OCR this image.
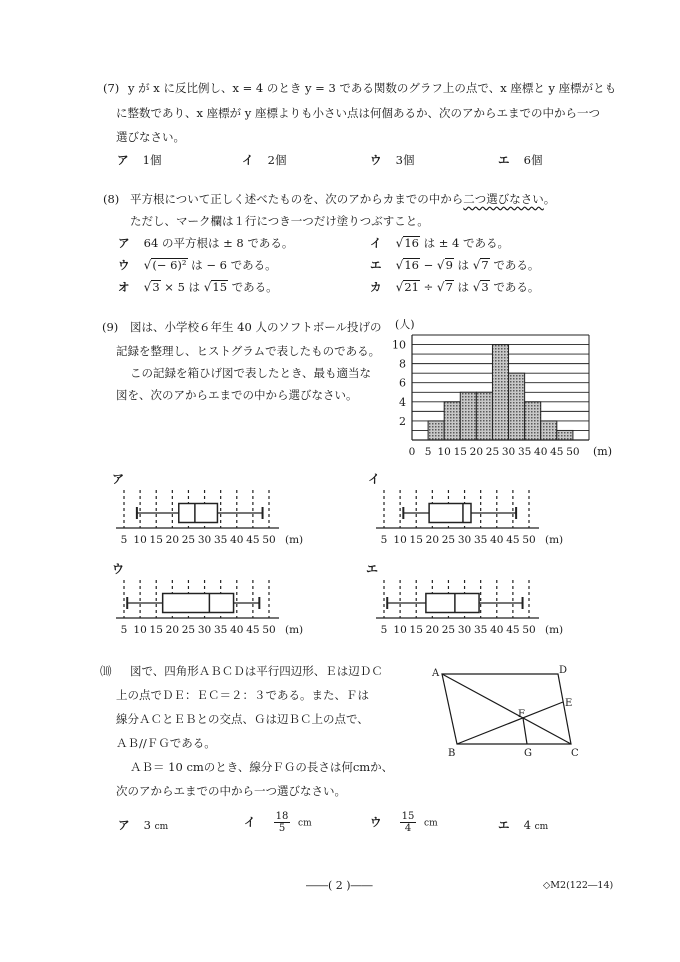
(7) y が x に反比例し、x = 4 のとき y = 3 である関数のグラフ上の点で、x 座標と y 座標がとも
に整数であり、x 座標が y 座標よりも小さい点は何個あるか、次のアからエまでの中から一つ
選びなさい。
ア 1個	イ 2個	ウ 3個	エ 6個
(8) 平方根について正しく述べたものを、次のアからカまでの中から二つ選びなさい。
ただし、マーク欄は１行につき一つだけ塗りつぶすこと。
ア 64 の平方根は ± 8 である。	イ √16 は ± 4 である。
ウ √(− 6)² は − 6 である。	エ √16 − √9 は √7 である。
オ √3 × 5 は √15 である。	カ √21 ÷ √7 は √3 である。
(9) 図は、小学校６年生 40 人のソフトボール投げの
記録を整理し、ヒストグラムで表したものである。
この記録を箱ひげ図で表したとき、最も適当な
図を、次のアからエまでの中から選びなさい。
2
4
6
8
10
0 5 10 15 20 25 30 35 40 45 50
(人)
(m)
ア
5 10 15 20 25 30 35 40 45 50 (m)
イ
5 10 15 20 25 30 35 40 45 50 (m)
ウ
5 10 15 20 25 30 35 40 45 50 (m)
エ
5 10 15 20 25 30 35 40 45 50 (m)
⑽ 図で、四角形ＡＢＣＤは平行四辺形、Ｅは辺ＤＣ
上の点でＤＥ：ＥＣ＝２：３である。また、Ｆは
線分ＡＣとＥＢとの交点、Ｇは辺ＢＣ上の点で、
ＡＢ//ＦＧである。
ＡＢ＝ 10 cmのとき、線分ＦＧの長さは何cmか、
次のアからエまでの中から一つ選びなさい。
A	D
E
F
B	G	C
ア 3 cm	イ $\frac{18}{5}$ cm	ウ $\frac{15}{4}$ cm	エ 4 cm
――( 2 )――	◇M2(122―14)
